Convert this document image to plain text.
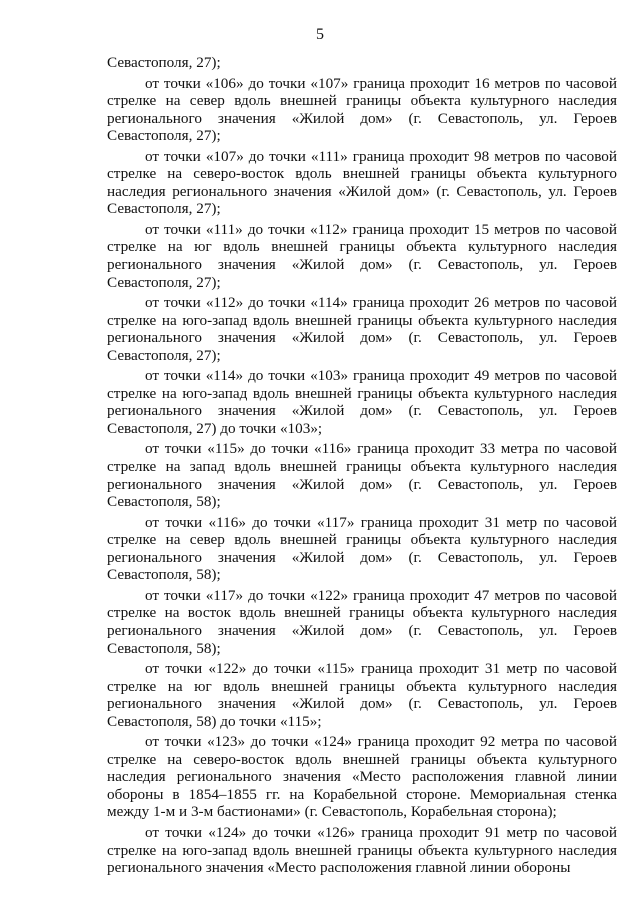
5

Севастополя, 27);

от точки «106» до точки «107» граница проходит 16 метров по часовой стрелке на север вдоль внешней границы объекта культурного наследия регионального значения «Жилой дом» (г. Севастополь, ул. Героев Севастополя, 27);

от точки «107» до точки «111» граница проходит 98 метров по часовой стрелке на северо-восток вдоль внешней границы объекта культурного наследия регионального значения «Жилой дом» (г. Севастополь, ул. Героев Севастополя, 27);

от точки «111» до точки «112» граница проходит 15 метров по часовой стрелке на юг вдоль внешней границы объекта культурного наследия регионального значения «Жилой дом» (г. Севастополь, ул. Героев Севастополя, 27);

от точки «112» до точки «114» граница проходит 26 метров по часовой стрелке на юго-запад вдоль внешней границы объекта культурного наследия регионального значения «Жилой дом» (г. Севастополь, ул. Героев Севастополя, 27);

от точки «114» до точки «103» граница проходит 49 метров по часовой стрелке на юго-запад вдоль внешней границы объекта культурного наследия регионального значения «Жилой дом» (г. Севастополь, ул. Героев Севастополя, 27) до точки «103»;

от точки «115» до точки «116» граница проходит 33 метра по часовой стрелке на запад вдоль внешней границы объекта культурного наследия регионального значения «Жилой дом» (г. Севастополь, ул. Героев Севастополя, 58);

от точки «116» до точки «117» граница проходит 31 метр по часовой стрелке на север вдоль внешней границы объекта культурного наследия регионального значения «Жилой дом» (г. Севастополь, ул. Героев Севастополя, 58);

от точки «117» до точки «122» граница проходит 47 метров по часовой стрелке на восток вдоль внешней границы объекта культурного наследия регионального значения «Жилой дом» (г. Севастополь, ул. Героев Севастополя, 58);

от точки «122» до точки «115» граница проходит 31 метр по часовой стрелке на юг вдоль внешней границы объекта культурного наследия регионального значения «Жилой дом» (г. Севастополь, ул. Героев Севастополя, 58) до точки «115»;

от точки «123» до точки «124» граница проходит 92 метра по часовой стрелке на северо-восток вдоль внешней границы объекта культурного наследия регионального значения «Место расположения главной линии обороны в 1854–1855 гг. на Корабельной стороне. Мемориальная стенка между 1-м и 3-м бастионами» (г. Севастополь, Корабельная сторона);

от точки «124» до точки «126» граница проходит 91 метр по часовой стрелке на юго-запад вдоль внешней границы объекта культурного наследия регионального значения «Место расположения главной линии обороны
